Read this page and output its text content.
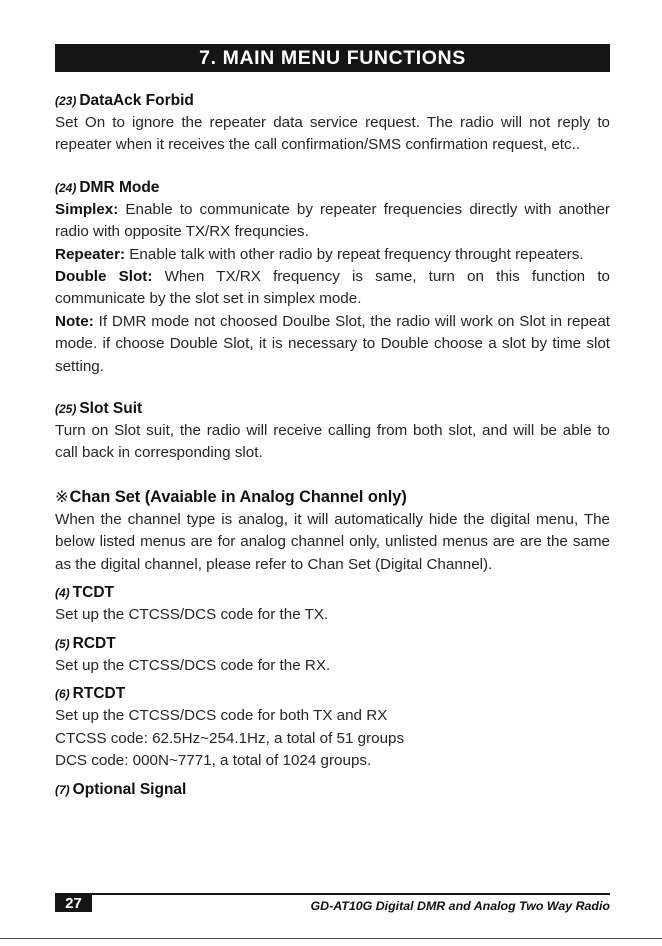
7. MAIN MENU FUNCTIONS
(23) DataAck Forbid
Set On to ignore the repeater data service request. The radio will not reply to repeater when it receives the call confirmation/SMS confirmation request, etc..
(24) DMR Mode
Simplex: Enable to communicate by repeater frequencies directly with another radio with opposite TX/RX frequncies.
Repeater: Enable talk with other radio by repeat frequency throught repeaters.
Double Slot: When TX/RX frequency is same, turn on this function to communicate by the slot set in simplex mode.
Note: If DMR mode not choosed Doulbe Slot, the radio will work on Slot in repeat mode. if choose Double Slot, it is necessary to Double choose a slot by time slot setting.
(25) Slot Suit
Turn on Slot suit, the radio will receive calling from both slot, and will be able to call back in corresponding slot.
※Chan Set (Avaiable in Analog Channel only)
When the channel type is analog, it will automatically hide the digital menu, The below listed menus are for analog channel only, unlisted menus are are the same as the digital channel, please refer to Chan Set (Digital Channel).
(4) TCDT
Set up the CTCSS/DCS code for the TX.
(5) RCDT
Set up the CTCSS/DCS code for the RX.
(6) RTCDT
Set up the CTCSS/DCS code for both TX and RX
CTCSS code: 62.5Hz~254.1Hz, a total of 51 groups
DCS code: 000N~7771, a total of 1024 groups.
(7) Optional Signal
27	GD-AT10G Digital DMR and Analog Two Way Radio
